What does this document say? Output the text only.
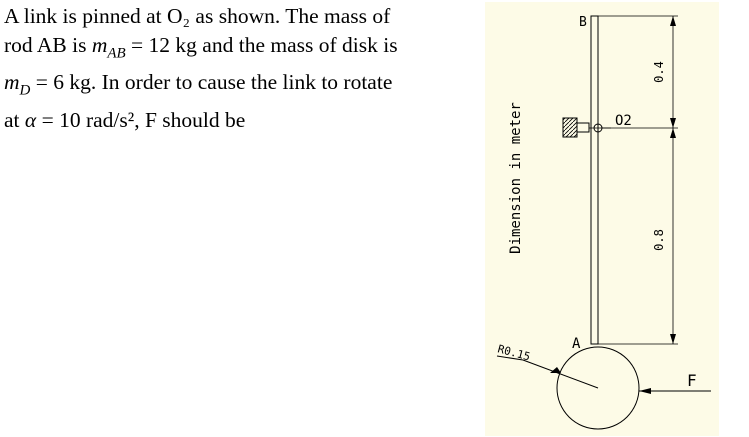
A link is pinned at O₂ as shown. The mass of

rod AB is $m_{AB} = 12$ kg and the mass of disk is

$m_D = 6$ kg. In order to cause the link to rotate

at α = 10 rad/s², F should be

B
O2
A
F
R0.15
0.4
0.8
Dimension in meter
